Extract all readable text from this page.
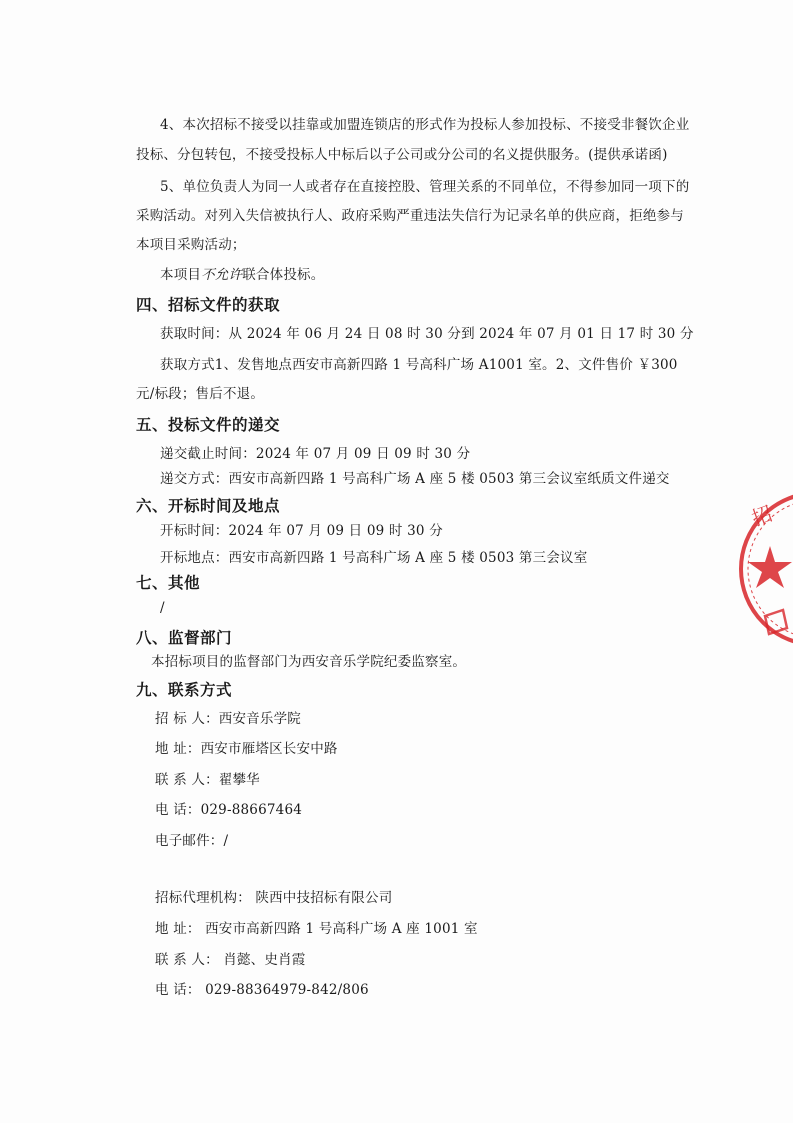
4、本次招标不接受以挂靠或加盟连锁店的形式作为投标人参加投标、不接受非餐饮企业
投标、分包转包，不接受投标人中标后以子公司或分公司的名义提供服务。(提供承诺函)
5、单位负责人为同一人或者存在直接控股、管理关系的不同单位，不得参加同一项下的
采购活动。对列入失信被执行人、政府采购严重违法失信行为记录名单的供应商，拒绝参与
本项目采购活动；
本项目不允许联合体投标。
四、招标文件的获取
获取时间：从 2024 年 06 月 24 日 08 时 30 分到 2024 年 07 月 01 日 17 时 30 分
获取方式1、发售地点西安市高新四路 1 号高科广场 A1001 室。2、文件售价 ￥300
元/标段；售后不退。
五、投标文件的递交
递交截止时间：2024 年 07 月 09 日 09 时 30 分
递交方式：西安市高新四路 1 号高科广场 A 座 5 楼 0503 第三会议室纸质文件递交
六、开标时间及地点
开标时间：2024 年 07 月 09 日 09 时 30 分
开标地点：西安市高新四路 1 号高科广场 A 座 5 楼 0503 第三会议室
七、其他
/
八、监督部门
本招标项目的监督部门为西安音乐学院纪委监察室。
九、联系方式
招 标 人：西安音乐学院
地 址：西安市雁塔区长安中路
联 系 人：翟攀华
电 话：029-88667464
电子邮件：/
招标代理机构： 陕西中技招标有限公司
地 址： 西安市高新四路 1 号高科广场 A 座 1001 室
联 系 人： 肖懿、史肖霞
电 话： 029-88364979-842/806
招
